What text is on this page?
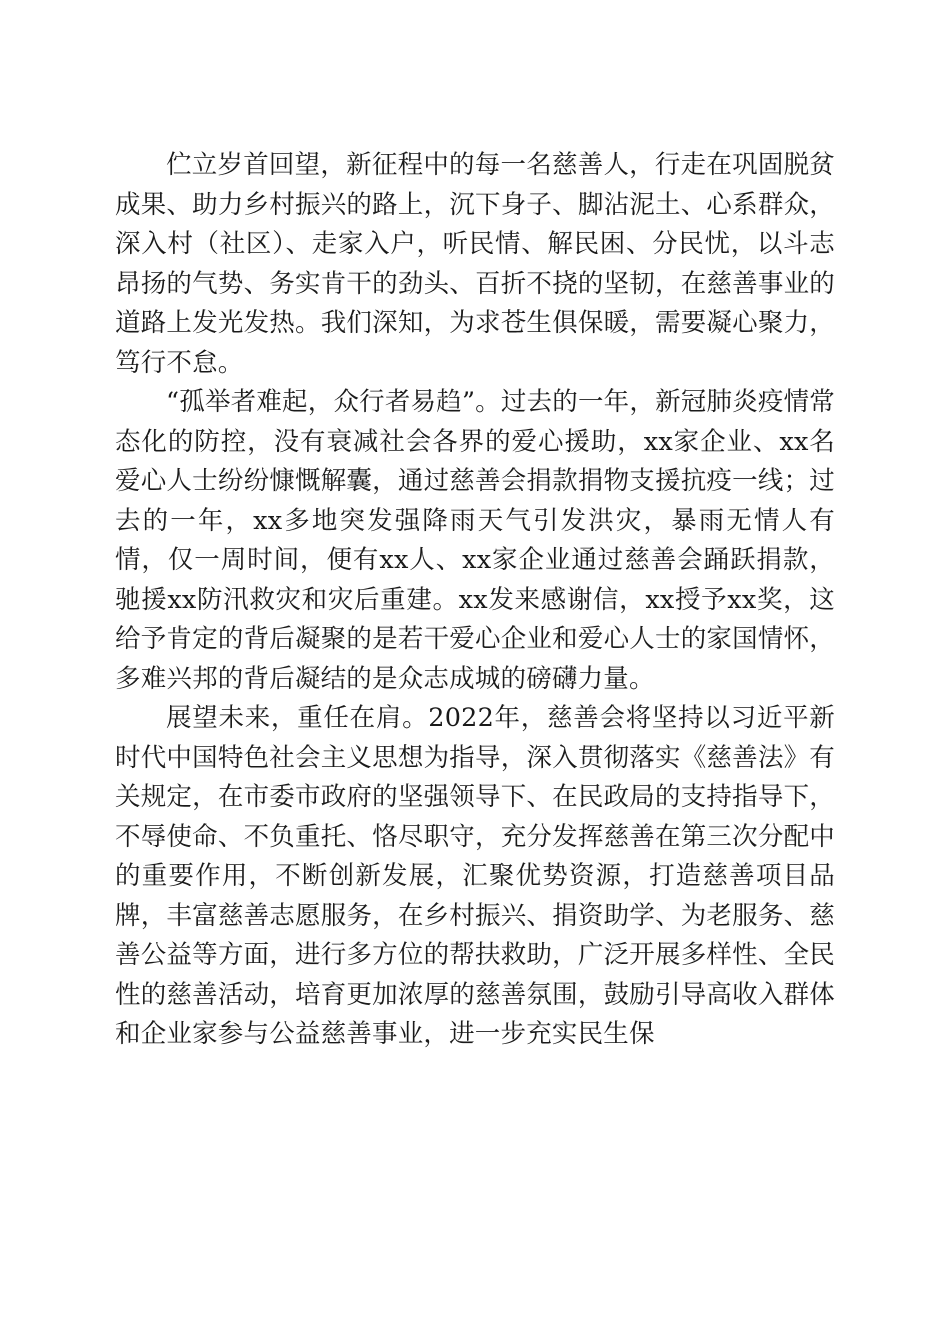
伫立岁首回望，新征程中的每一名慈善人，行走在巩固脱贫成果、助力乡村振兴的路上，沉下身子、脚沾泥土、心系群众，深入村（社区）、走家入户，听民情、解民困、分民忧，以斗志昂扬的气势、务实肯干的劲头、百折不挠的坚韧，在慈善事业的道路上发光发热。我们深知，为求苍生俱保暖，需要凝心聚力，笃行不怠。

“孤举者难起，众行者易趋”。过去的一年，新冠肺炎疫情常态化的防控，没有衰减社会各界的爱心援助，xx家企业、xx名爱心人士纷纷慷慨解囊，通过慈善会捐款捐物支援抗疫一线；过去的一年，xx多地突发强降雨天气引发洪灾，暴雨无情人有情，仅一周时间，便有xx人、xx家企业通过慈善会踊跃捐款，驰援xx防汛救灾和灾后重建。xx发来感谢信，xx授予xx奖，这给予肯定的背后凝聚的是若干爱心企业和爱心人士的家国情怀，多难兴邦的背后凝结的是众志成城的磅礴力量。

展望未来，重任在肩。2022年，慈善会将坚持以习近平新时代中国特色社会主义思想为指导，深入贯彻落实《慈善法》有关规定，在市委市政府的坚强领导下、在民政局的支持指导下，不辱使命、不负重托、恪尽职守，充分发挥慈善在第三次分配中的重要作用，不断创新发展，汇聚优势资源，打造慈善项目品牌，丰富慈善志愿服务，在乡村振兴、捐资助学、为老服务、慈善公益等方面，进行多方位的帮扶救助，广泛开展多样性、全民性的慈善活动，培育更加浓厚的慈善氛围，鼓励引导高收入群体和企业家参与公益慈善事业，进一步充实民生保
